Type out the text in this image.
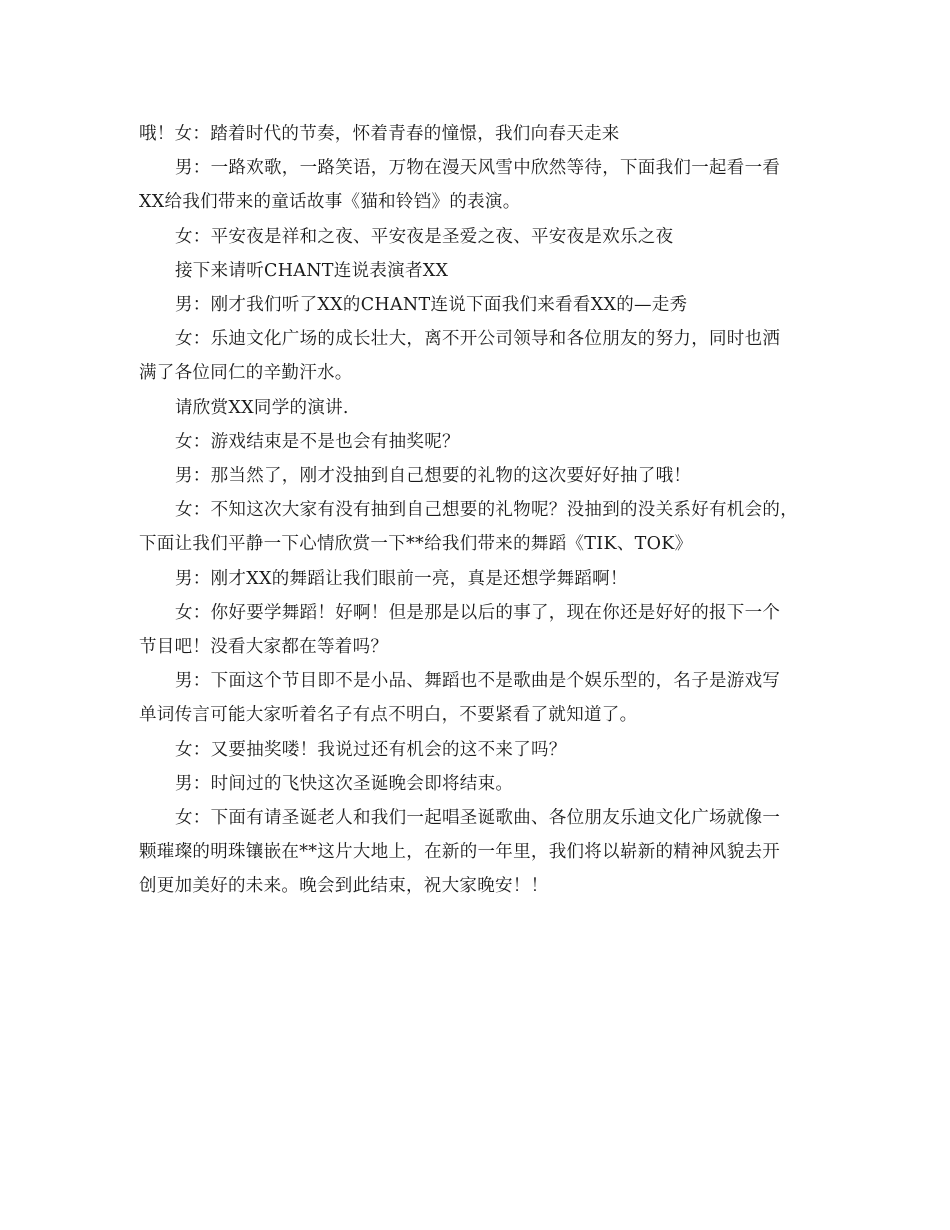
哦！女：踏着时代的节奏，怀着青春的憧憬，我们向春天走来

男：一路欢歌，一路笑语，万物在漫天风雪中欣然等待，下面我们一起看一看

XX给我们带来的童话故事《猫和铃铛》的表演。

女：平安夜是祥和之夜、平安夜是圣爱之夜、平安夜是欢乐之夜

接下来请听CHANT连说表演者XX

男：刚才我们听了XX的CHANT连说下面我们来看看XX的—走秀

女：乐迪文化广场的成长壮大，离不开公司领导和各位朋友的努力，同时也洒

满了各位同仁的辛勤汗水。

请欣赏XX同学的演讲.

女：游戏结束是不是也会有抽奖呢？

男：那当然了，刚才没抽到自己想要的礼物的这次要好好抽了哦！

女：不知这次大家有没有抽到自己想要的礼物呢？没抽到的没关系好有机会的，

下面让我们平静一下心情欣赏一下**给我们带来的舞蹈《TIK、TOK》

男：刚才XX的舞蹈让我们眼前一亮，真是还想学舞蹈啊！

女：你好要学舞蹈！好啊！但是那是以后的事了，现在你还是好好的报下一个

节目吧！没看大家都在等着吗？

男：下面这个节目即不是小品、舞蹈也不是歌曲是个娱乐型的，名子是游戏写

单词传言可能大家听着名子有点不明白，不要紧看了就知道了。

女：又要抽奖喽！我说过还有机会的这不来了吗？

男：时间过的飞快这次圣诞晚会即将结束。

女：下面有请圣诞老人和我们一起唱圣诞歌曲、各位朋友乐迪文化广场就像一

颗璀璨的明珠镶嵌在**这片大地上，在新的一年里，我们将以崭新的精神风貌去开

创更加美好的未来。晚会到此结束，祝大家晚安！！
